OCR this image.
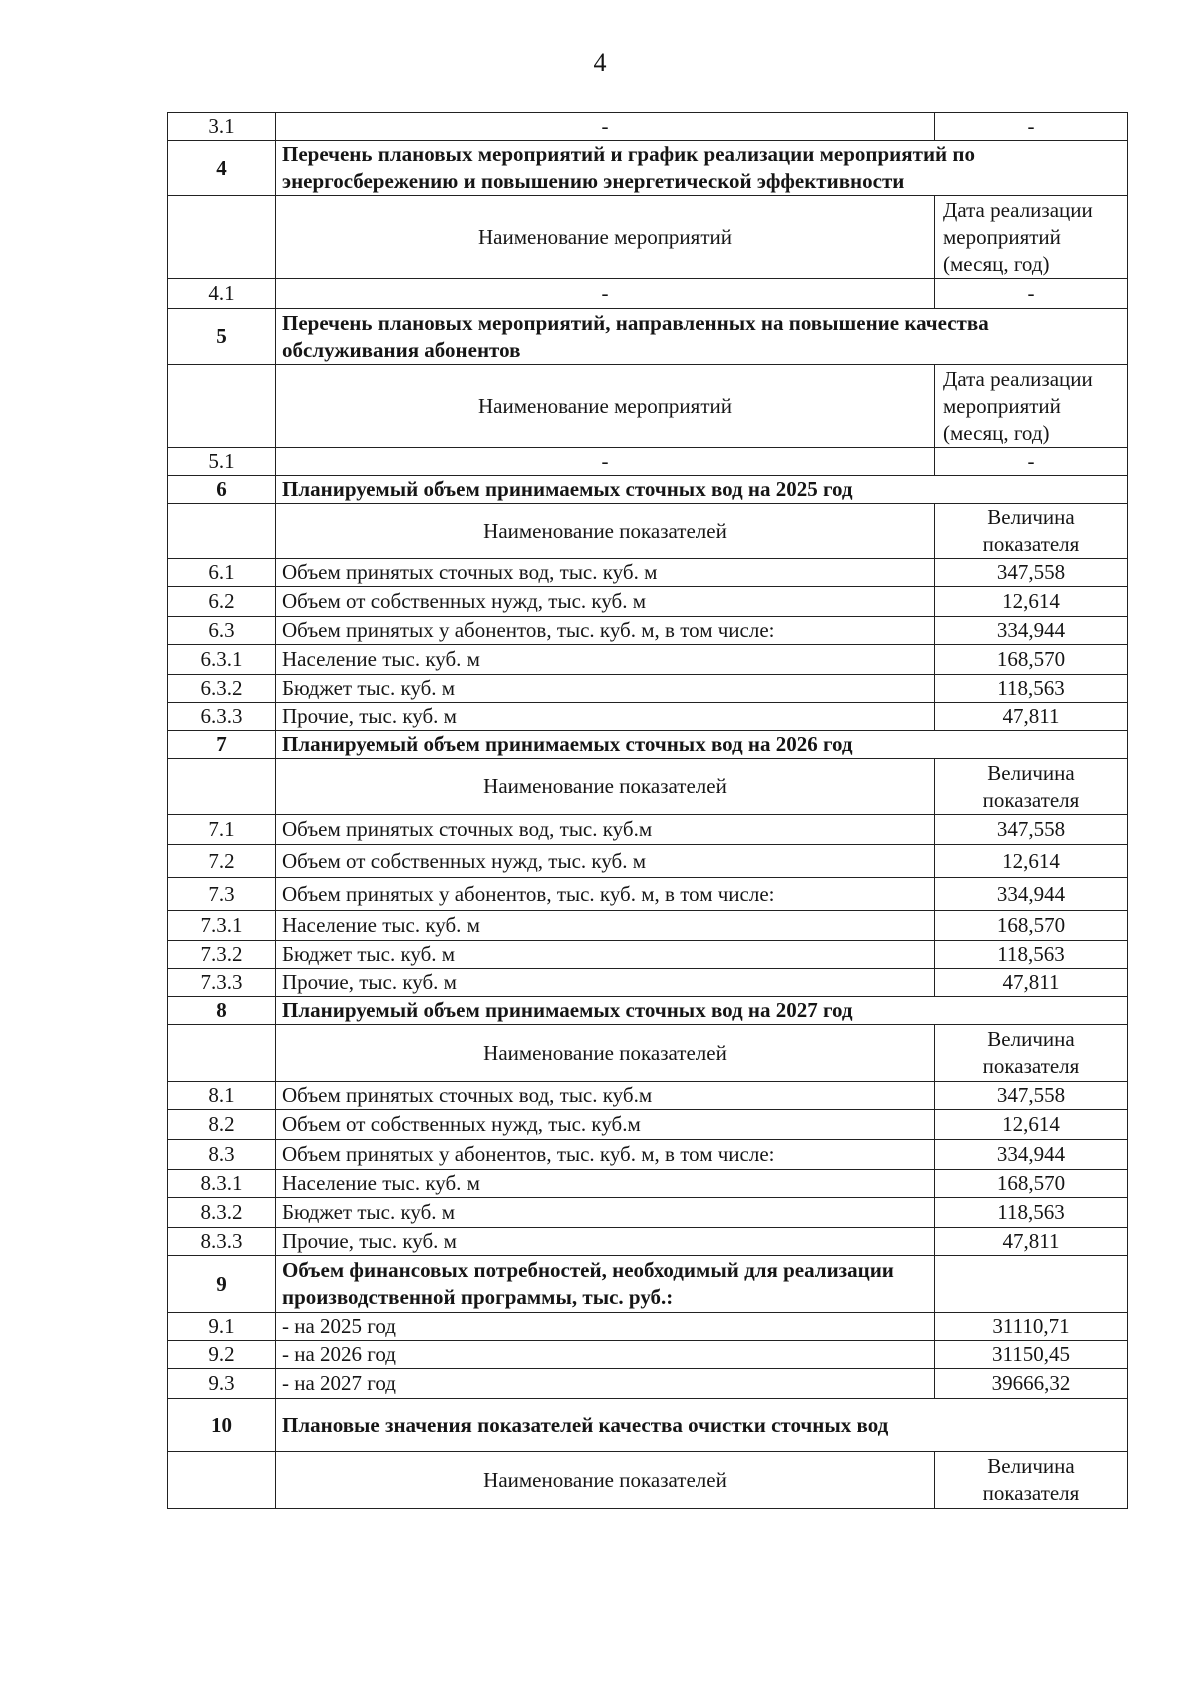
4
3.1	-	-
4	Перечень плановых мероприятий и график реализации мероприятий по энергосбережению и повышению энергетической эффективности	
	Наименование мероприятий	Дата реализации мероприятий (месяц, год)
4.1	-	-
5	Перечень плановых мероприятий, направленных на повышение качества обслуживания абонентов	
	Наименование мероприятий	Дата реализации мероприятий (месяц, год)
5.1	-	-
6	Планируемый объем принимаемых сточных вод на 2025 год	
	Наименование показателей	Величина показателя
6.1	Объем принятых сточных вод, тыс. куб. м	347,558
6.2	Объем от собственных нужд, тыс. куб. м	12,614
6.3	Объем принятых у абонентов, тыс. куб. м, в том числе:	334,944
6.3.1	Население тыс. куб. м	168,570
6.3.2	Бюджет тыс. куб. м	118,563
6.3.3	Прочие, тыс. куб. м	47,811
7	Планируемый объем принимаемых сточных вод на 2026 год	
	Наименование показателей	Величина показателя
7.1	Объем принятых сточных вод, тыс. куб.м	347,558
7.2	Объем от собственных нужд, тыс. куб. м	12,614
7.3	Объем принятых у абонентов, тыс. куб. м, в том числе:	334,944
7.3.1	Население тыс. куб. м	168,570
7.3.2	Бюджет тыс. куб. м	118,563
7.3.3	Прочие, тыс. куб. м	47,811
8	Планируемый объем принимаемых сточных вод на 2027 год	
	Наименование показателей	Величина показателя
8.1	Объем принятых сточных вод, тыс. куб.м	347,558
8.2	Объем от собственных нужд, тыс. куб.м	12,614
8.3	Объем принятых у абонентов, тыс. куб. м, в том числе:	334,944
8.3.1	Население тыс. куб. м	168,570
8.3.2	Бюджет тыс. куб. м	118,563
8.3.3	Прочие, тыс. куб. м	47,811
9	Объем финансовых потребностей, необходимый для реализации производственной программы, тыс. руб.:	
9.1	- на 2025 год	31110,71
9.2	- на 2026 год	31150,45
9.3	- на 2027 год	39666,32
10	Плановые значения показателей качества очистки сточных вод	
	Наименование показателей	Величина показателя
